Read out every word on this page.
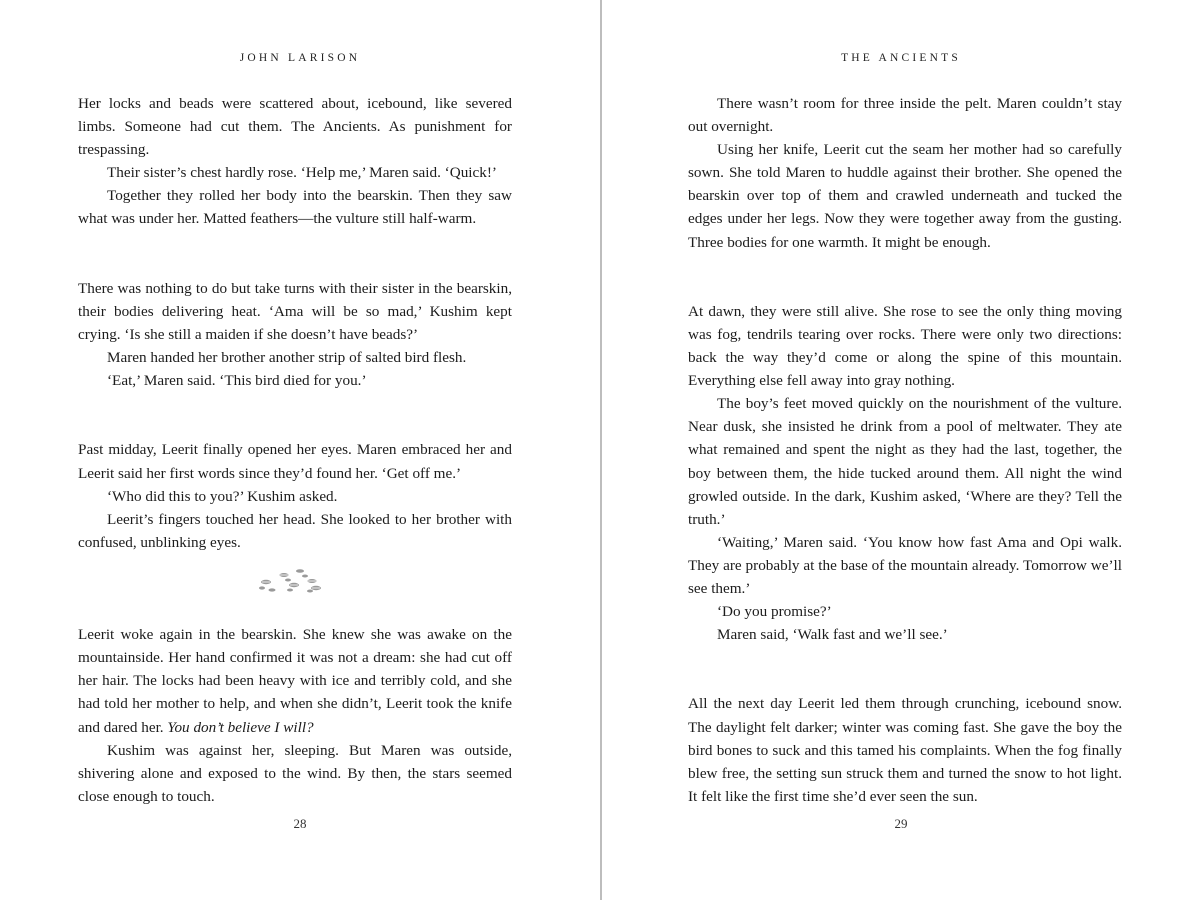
JOHN LARISON

Her locks and beads were scattered about, icebound, like severed limbs. Someone had cut them. The Ancients. As punishment for trespassing.

Their sister’s chest hardly rose. ‘Help me,’ Maren said. ‘Quick!’

Together they rolled her body into the bearskin. Then they saw what was under her. Matted feathers—the vulture still half-warm.

There was nothing to do but take turns with their sister in the bearskin, their bodies delivering heat. ‘Ama will be so mad,’ Kushim kept crying. ‘Is she still a maiden if she doesn’t have beads?’

Maren handed her brother another strip of salted bird flesh.

‘Eat,’ Maren said. ‘This bird died for you.’

Past midday, Leerit finally opened her eyes. Maren embraced her and Leerit said her first words since they’d found her. ‘Get off me.’

‘Who did this to you?’ Kushim asked.

Leerit’s fingers touched her head. She looked to her brother with confused, unblinking eyes.

Leerit woke again in the bearskin. She knew she was awake on the mountainside. Her hand confirmed it was not a dream: she had cut off her hair. The locks had been heavy with ice and terribly cold, and she had told her mother to help, and when she didn’t, Leerit took the knife and dared her. You don’t believe I will?

Kushim was against her, sleeping. But Maren was outside, shivering alone and exposed to the wind. By then, the stars seemed close enough to touch.

28
THE ANCIENTS

There wasn’t room for three inside the pelt. Maren couldn’t stay out overnight.

Using her knife, Leerit cut the seam her mother had so carefully sown. She told Maren to huddle against their brother. She opened the bearskin over top of them and crawled underneath and tucked the edges under her legs. Now they were together away from the gusting. Three bodies for one warmth. It might be enough.

At dawn, they were still alive. She rose to see the only thing moving was fog, tendrils tearing over rocks. There were only two directions: back the way they’d come or along the spine of this mountain. Everything else fell away into gray nothing.

The boy’s feet moved quickly on the nourishment of the vulture. Near dusk, she insisted he drink from a pool of meltwater. They ate what remained and spent the night as they had the last, together, the boy between them, the hide tucked around them. All night the wind growled outside. In the dark, Kushim asked, ‘Where are they? Tell the truth.’

‘Waiting,’ Maren said. ‘You know how fast Ama and Opi walk. They are probably at the base of the mountain already. Tomorrow we’ll see them.’

‘Do you promise?’

Maren said, ‘Walk fast and we’ll see.’

All the next day Leerit led them through crunching, icebound snow. The daylight felt darker; winter was coming fast. She gave the boy the bird bones to suck and this tamed his complaints. When the fog finally blew free, the setting sun struck them and turned the snow to hot light. It felt like the first time she’d ever seen the sun.

29
